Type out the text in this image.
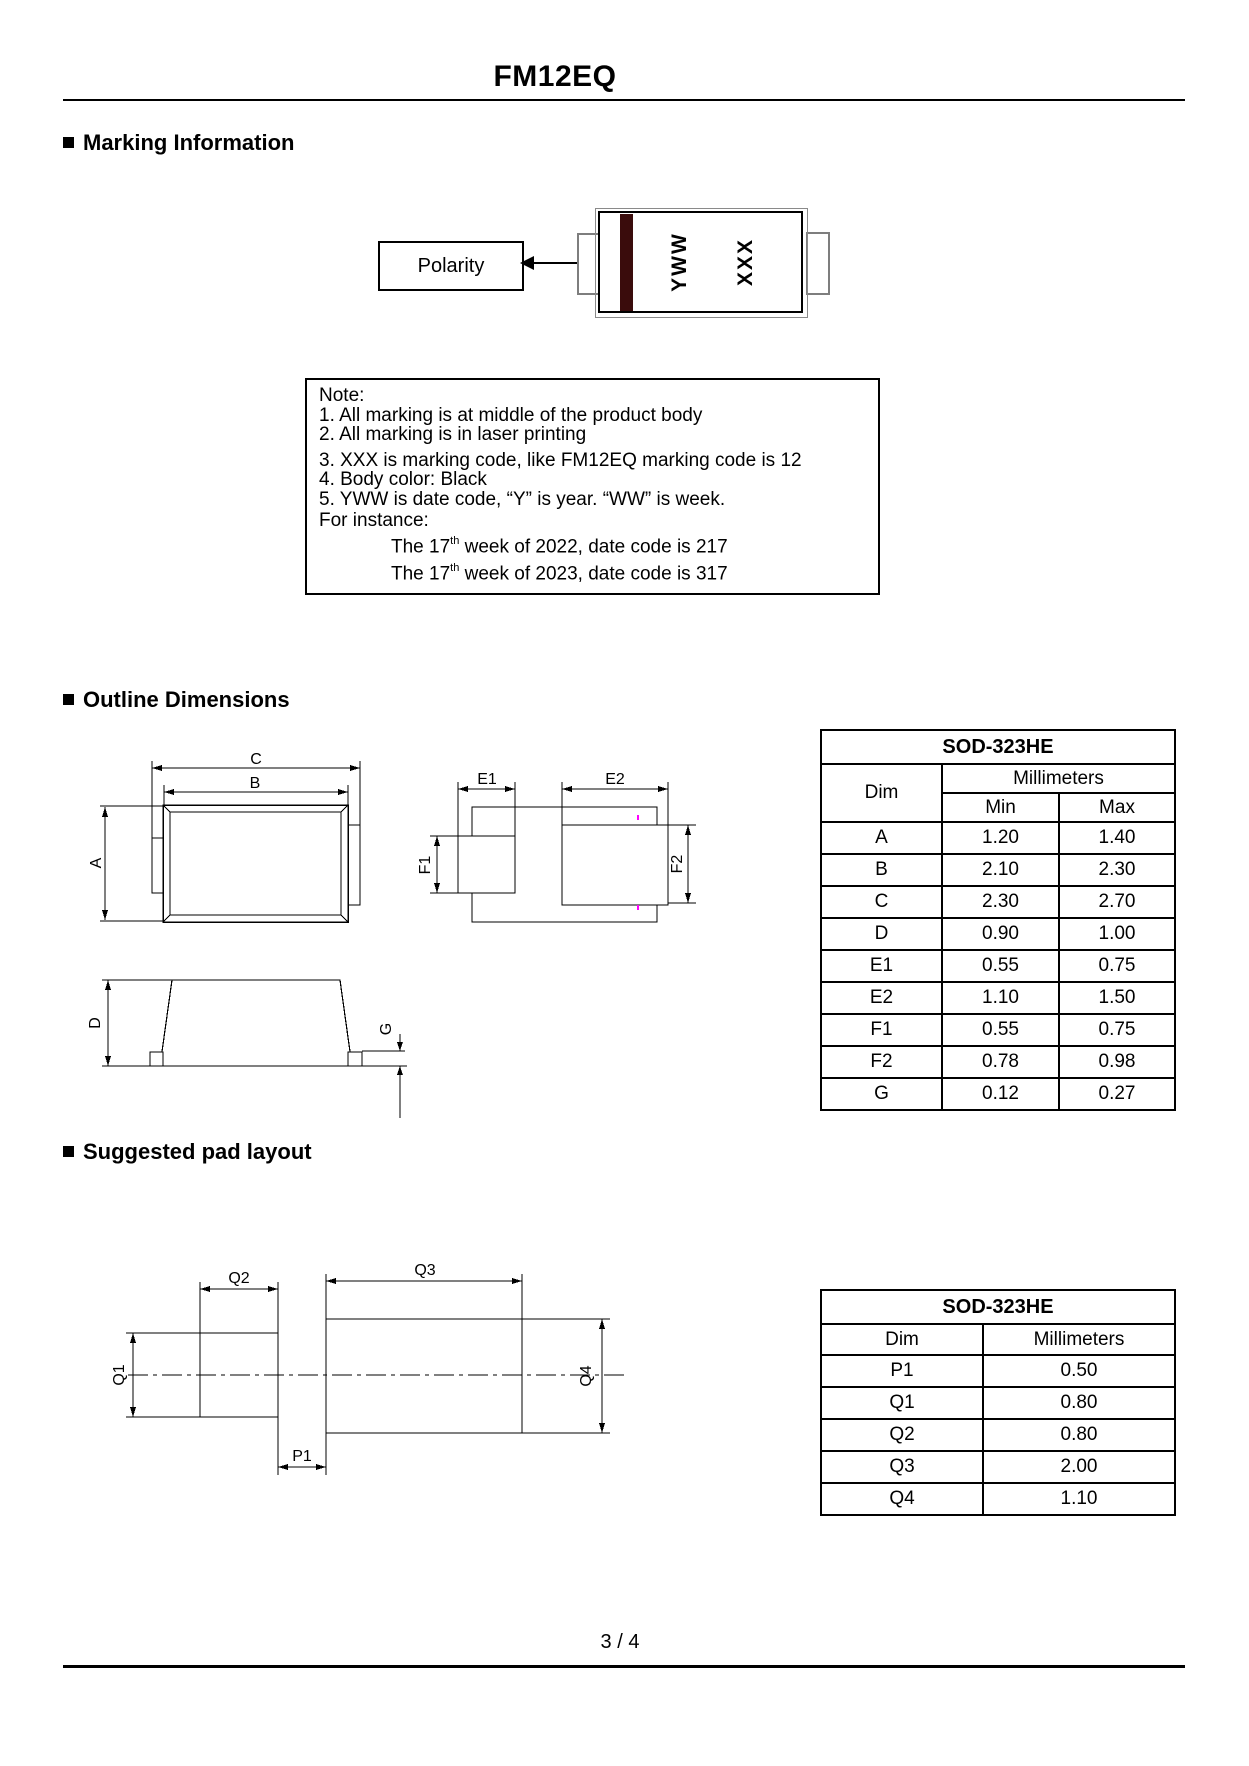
FM12EQ
Marking Information
Polarity	YWW XXX
Note:
1. All marking is at middle of the product body
2. All marking is in laser printing
3. XXX is marking code, like FM12EQ marking code is 12
4. Body color: Black
5. YWW is date code, “Y” is year. “WW” is week.
For instance:
The 17th week of 2022, date code is 217
The 17th week of 2023, date code is 317
Outline Dimensions
C
B
A
E1	E2
F1	F2
D	G
SOD-323HE		
Dim	Millimeters	
	Min	Max
A	1.20	1.40
B	2.10	2.30
C	2.30	2.70
D	0.90	1.00
E1	0.55	0.75
E2	1.10	1.50
F1	0.55	0.75
F2	0.78	0.98
G	0.12	0.27
Suggested pad layout
Q2	Q3
Q1	Q4
P1
SOD-323HE	
Dim	Millimeters
P1	0.50
Q1	0.80
Q2	0.80
Q3	2.00
Q4	1.10
3 / 4
